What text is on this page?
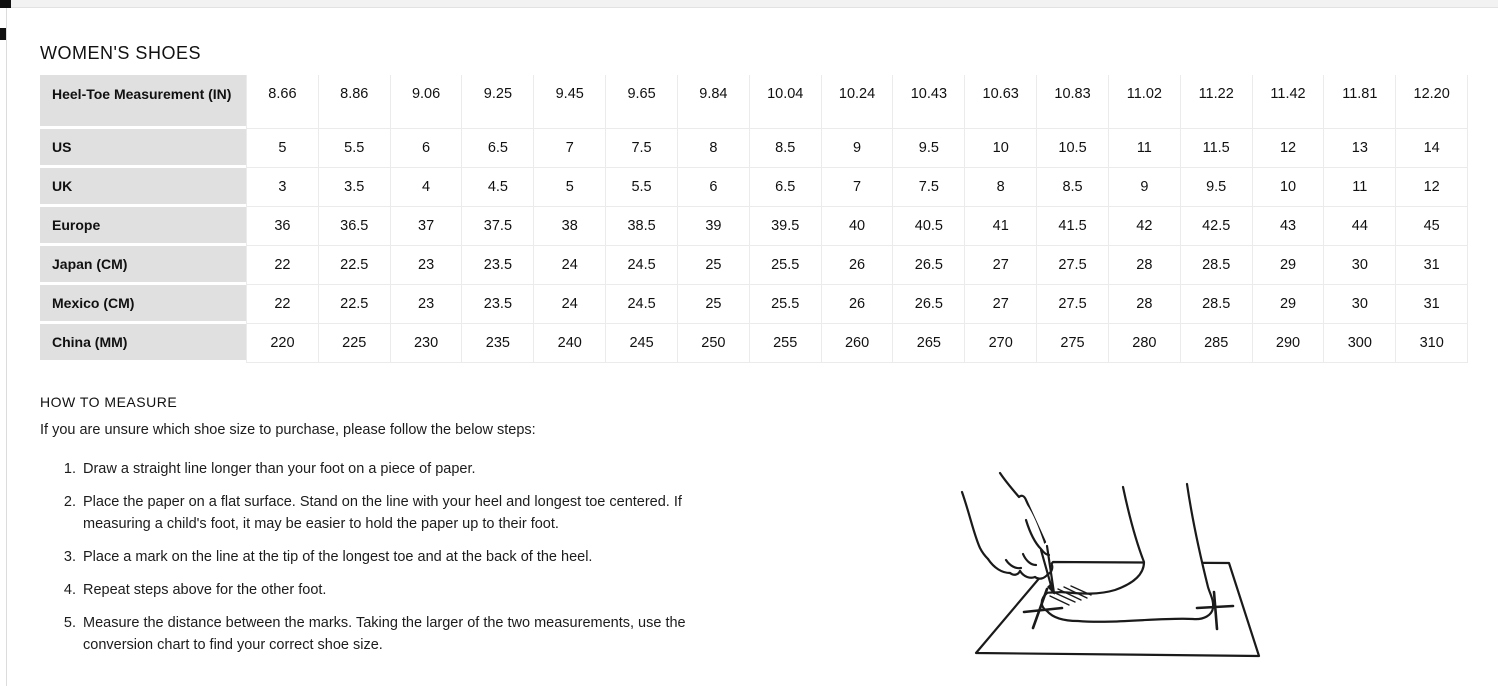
WOMEN'S SHOES
Heel-Toe Measurement (IN)	8.66	8.86	9.06	9.25	9.45	9.65	9.84	10.04	10.24	10.43	10.63	10.83	11.02	11.22	11.42	11.81	12.20
US	5	5.5	6	6.5	7	7.5	8	8.5	9	9.5	10	10.5	11	11.5	12	13	14
UK	3	3.5	4	4.5	5	5.5	6	6.5	7	7.5	8	8.5	9	9.5	10	11	12
Europe	36	36.5	37	37.5	38	38.5	39	39.5	40	40.5	41	41.5	42	42.5	43	44	45
Japan (CM)	22	22.5	23	23.5	24	24.5	25	25.5	26	26.5	27	27.5	28	28.5	29	30	31
Mexico (CM)	22	22.5	23	23.5	24	24.5	25	25.5	26	26.5	27	27.5	28	28.5	29	30	31
China (MM)	220	225	230	235	240	245	250	255	260	265	270	275	280	285	290	300	310
HOW TO MEASURE
If you are unsure which shoe size to purchase, please follow the below steps:
1. Draw a straight line longer than your foot on a piece of paper.
2. Place the paper on a flat surface. Stand on the line with your heel and longest toe centered. If measuring a child's foot, it may be easier to hold the paper up to their foot.
3. Place a mark on the line at the tip of the longest toe and at the back of the heel.
4. Repeat steps above for the other foot.
5. Measure the distance between the marks. Taking the larger of the two measurements, use the conversion chart to find your correct shoe size.
